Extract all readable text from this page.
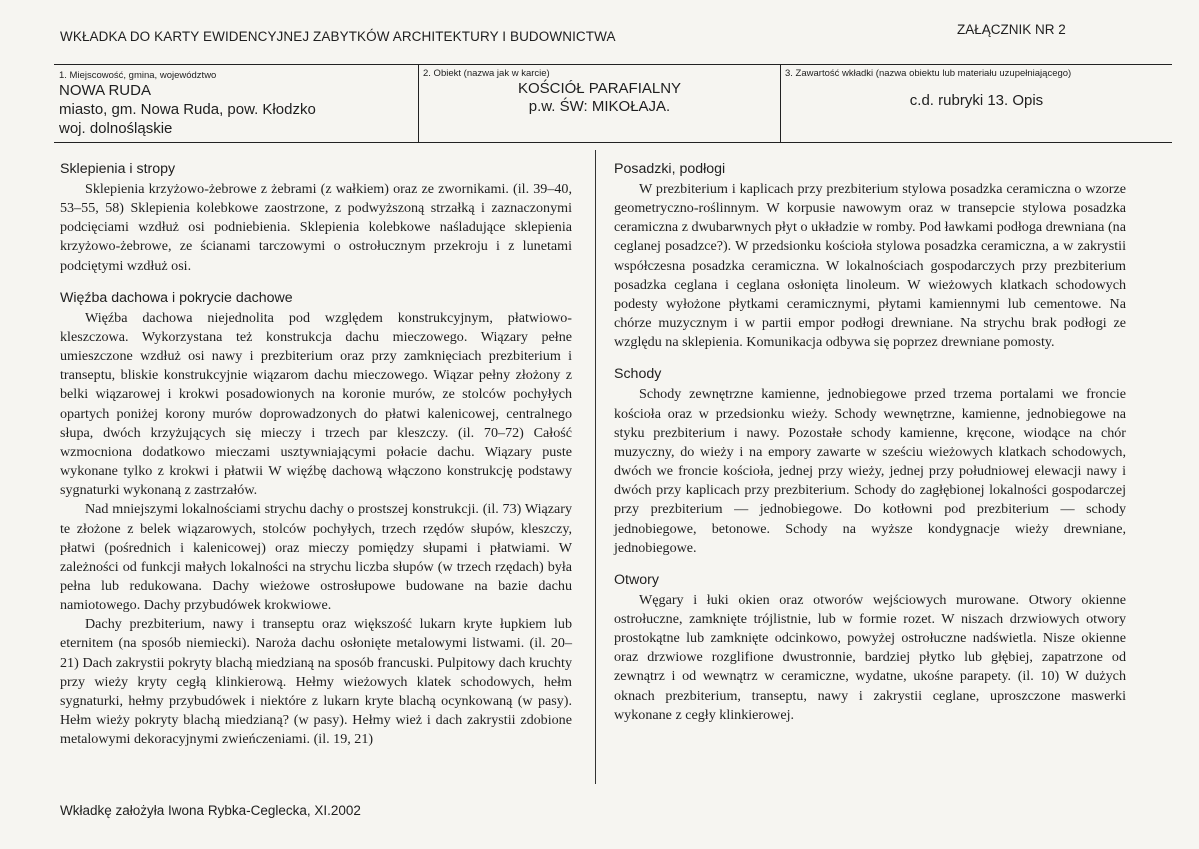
WKŁADKA DO KARTY EWIDENCYJNEJ ZABYTKÓW ARCHITEKTURY I BUDOWNICTWA	ZAŁĄCZNIK NR 2
1. Miejscowość, gmina, województwo
NOWA RUDA
miasto, gm. Nowa Ruda, pow. Kłodzko
woj. dolnośląskie
2. Obiekt (nazwa jak w karcie)
KOŚCIÓŁ PARAFIALNY
p.w. ŚW: MIKOŁAJA.
3. Zawartość wkładki (nazwa obiektu lub materiału uzupełniającego)
c.d. rubryki 13. Opis
Sklepienia i stropy

Sklepienia krzyżowo-żebrowe z żebrami (z wałkiem) oraz ze zwornikami. (il. 39–40, 53–55, 58) Sklepienia kolebkowe zaostrzone, z podwyższoną strzałką i zaznaczonymi podcięciami wzdłuż osi podniebienia. Sklepienia kolebkowe naśladujące sklepienia krzyżowo-żebrowe, ze ścianami tarczowymi o ostrołucznym przekroju i z lunetami podciętymi wzdłuż osi.

Więźba dachowa i pokrycie dachowe

Więźba dachowa niejednolita pod względem konstrukcyjnym, płatwiowo-kleszczowa. Wykorzystana też konstrukcja dachu mieczowego. Wiązary pełne umieszczone wzdłuż osi nawy i prezbiterium oraz przy zamknięciach prezbiterium i transeptu, bliskie konstrukcyjnie wiązarom dachu mieczowego. Wiązar pełny złożony z belki wiązarowej i krokwi posadowionych na koronie murów, ze stolców pochyłych opartych poniżej korony murów doprowadzonych do płatwi kalenicowej, centralnego słupa, dwóch krzyżujących się mieczy i trzech par kleszczy. (il. 70–72) Całość wzmocniona dodatkowo mieczami usztywniającymi połacie dachu. Wiązary puste wykonane tylko z krokwi i płatwii W więźbę dachową włączono konstrukcję podstawy sygnaturki wykonaną z zastrzałów.

Nad mniejszymi lokalnościami strychu dachy o prostszej konstrukcji. (il. 73) Wiązary te złożone z belek wiązarowych, stolców pochyłych, trzech rzędów słupów, kleszczy, płatwi (pośrednich i kalenicowej) oraz mieczy pomiędzy słupami i płatwiami. W zależności od funkcji małych lokalności na strychu liczba słupów (w trzech rzędach) była pełna lub redukowana. Dachy wieżowe ostrosłupowe budowane na bazie dachu namiotowego. Dachy przybudówek krokwiowe.

Dachy prezbiterium, nawy i transeptu oraz większość lukarn kryte łupkiem lub eternitem (na sposób niemiecki). Naroża dachu osłonięte metalowymi listwami. (il. 20–21) Dach zakrystii pokryty blachą miedzianą na sposób francuski. Pulpitowy dach kruchty przy wieży kryty cegłą klinkierową. Hełmy wieżowych klatek schodowych, hełm sygnaturki, hełmy przybudówek i niektóre z lukarn kryte blachą ocynkowaną (w pasy). Hełm wieży pokryty blachą miedzianą? (w pasy). Hełmy wież i dach zakrystii zdobione metalowymi dekoracyjnymi zwieńczeniami. (il. 19, 21)

Posadzki, podłogi

W prezbiterium i kaplicach przy prezbiterium stylowa posadzka ceramiczna o wzorze geometryczno-roślinnym. W korpusie nawowym oraz w transepcie stylowa posadzka ceramiczna z dwubarwnych płyt o układzie w romby. Pod ławkami podłoga drewniana (na ceglanej posadzce?). W przedsionku kościoła stylowa posadzka ceramiczna, a w zakrystii współczesna posadzka ceramiczna. W lokalnościach gospodarczych przy prezbiterium posadzka ceglana i ceglana osłonięta linoleum. W wieżowych klatkach schodowych podesty wyłożone płytkami ceramicznymi, płytami kamiennymi lub cementowe. Na chórze muzycznym i w partii empor podłogi drewniane. Na strychu brak podłogi ze względu na sklepienia. Komunikacja odbywa się poprzez drewniane pomosty.

Schody

Schody zewnętrzne kamienne, jednobiegowe przed trzema portalami we froncie kościoła oraz w przedsionku wieży. Schody wewnętrzne, kamienne, jednobiegowe na styku prezbiterium i nawy. Pozostałe schody kamienne, kręcone, wiodące na chór muzyczny, do wieży i na empory zawarte w sześciu wieżowych klatkach schodowych, dwóch we froncie kościoła, jednej przy wieży, jednej przy południowej elewacji nawy i dwóch przy kaplicach przy prezbiterium. Schody do zagłębionej lokalności gospodarczej przy prezbiterium — jednobiegowe. Do kotłowni pod prezbiterium — schody jednobiegowe, betonowe. Schody na wyższe kondygnacje wieży drewniane, jednobiegowe.

Otwory

Węgary i łuki okien oraz otworów wejściowych murowane. Otwory okienne ostrołuczne, zamknięte trójlistnie, lub w formie rozet. W niszach drzwiowych otwory prostokątne lub zamknięte odcinkowo, powyżej ostrołuczne nadświetla. Nisze okienne oraz drzwiowe rozglifione dwustronnie, bardziej płytko lub głębiej, zapatrzone od zewnątrz i od wewnątrz w ceramiczne, wydatne, ukośne parapety. (il. 10) W dużych oknach prezbiterium, transeptu, nawy i zakrystii ceglane, uproszczone maswerki wykonane z cegły klinkierowej.

Wkładkę założyła Iwona Rybka-Ceglecka, XI.2002
